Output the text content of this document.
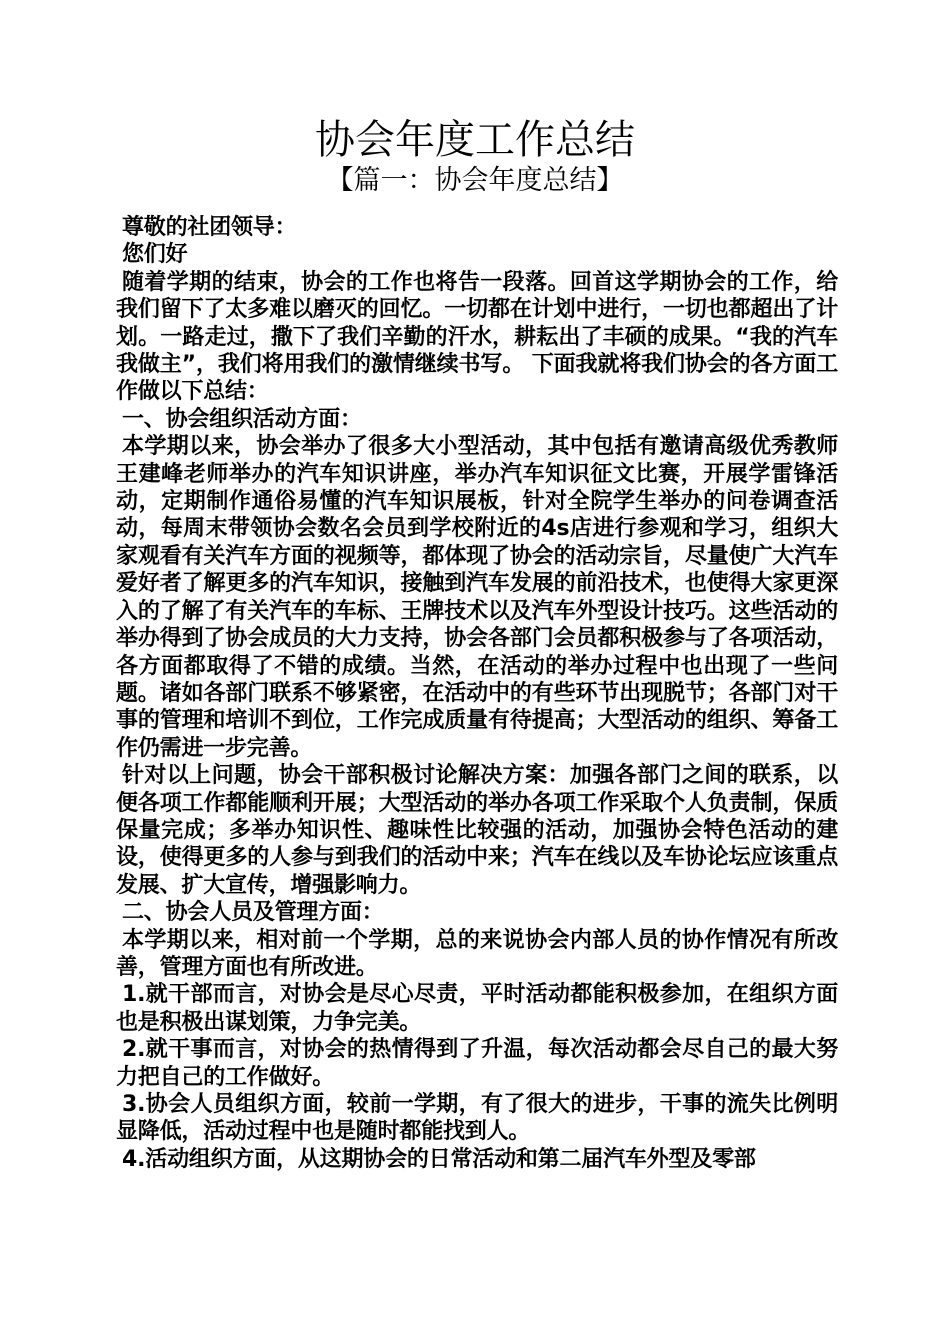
协会年度工作总结
【篇一：协会年度总结】

尊敬的社团领导：

您们好

随着学期的结束，协会的工作也将告一段落。回首这学期协会的工作，给我们留下了太多难以磨灭的回忆。一切都在计划中进行，一切也都超出了计划。一路走过，撒下了我们辛勤的汗水，耕耘出了丰硕的成果。“我的汽车我做主”，我们将用我们的激情继续书写。 下面我就将我们协会的各方面工作做以下总结：

一、协会组织活动方面：

本学期以来，协会举办了很多大小型活动，其中包括有邀请高级优秀教师王建峰老师举办的汽车知识讲座，举办汽车知识征文比赛，开展学雷锋活动，定期制作通俗易懂的汽车知识展板，针对全院学生举办的问卷调查活动，每周末带领协会数名会员到学校附近的4s店进行参观和学习，组织大家观看有关汽车方面的视频等，都体现了协会的活动宗旨，尽量使广大汽车爱好者了解更多的汽车知识，接触到汽车发展的前沿技术，也使得大家更深入的了解了有关汽车的车标、王牌技术以及汽车外型设计技巧。这些活动的举办得到了协会成员的大力支持，协会各部门会员都积极参与了各项活动，各方面都取得了不错的成绩。当然，在活动的举办过程中也出现了一些问题。诸如各部门联系不够紧密，在活动中的有些环节出现脱节；各部门对干事的管理和培训不到位，工作完成质量有待提高；大型活动的组织、筹备工作仍需进一步完善。

针对以上问题，协会干部积极讨论解决方案：加强各部门之间的联系，以便各项工作都能顺利开展；大型活动的举办各项工作采取个人负责制，保质保量完成；多举办知识性、趣味性比较强的活动，加强协会特色活动的建设，使得更多的人参与到我们的活动中来；汽车在线以及车协论坛应该重点发展、扩大宣传，增强影响力。

二、协会人员及管理方面：

本学期以来，相对前一个学期，总的来说协会内部人员的协作情况有所改善，管理方面也有所改进。

1.就干部而言，对协会是尽心尽责，平时活动都能积极参加，在组织方面也是积极出谋划策，力争完美。

2.就干事而言，对协会的热情得到了升温，每次活动都会尽自己的最大努力把自己的工作做好。

3.协会人员组织方面，较前一学期，有了很大的进步，干事的流失比例明显降低，活动过程中也是随时都能找到人。

4.活动组织方面，从这期协会的日常活动和第二届汽车外型及零部
